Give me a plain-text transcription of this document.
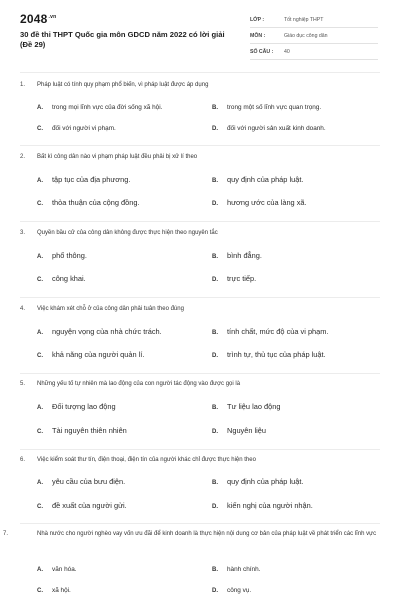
$2048^{.vn}$
30 đề thi THPT Quốc gia môn GDCD năm 2022 có lời giải (Đề 29)
LỚP :	Tốt nghiệp THPT
MÔN :	Giáo dục công dân
SỐ CÂU :	40
1. Pháp luật có tính quy phạm phổ biến, vì pháp luật được áp dụng
A. trong mọi lĩnh vực của đời sống xã hội.	B. trong một số lĩnh vực quan trọng.
C. đối với người vi phạm.	D. đối với người sản xuất kinh doanh.
2. Bất kì công dân nào vi phạm pháp luật đều phải bị xử lí theo
A. tập tục của địa phương.	B. quy định của pháp luật.
C. thỏa thuận của cộng đồng.	D. hương ước của làng xã.
3. Quyền bầu cử của công dân không được thực hiện theo nguyên tắc
A. phổ thông.	B. bình đẳng.
C. công khai.	D. trực tiếp.
4. Việc khám xét chỗ ở của công dân phải tuân theo đúng
A. nguyện vọng của nhà chức trách.	B. tính chất, mức độ của vi phạm.
C. khả năng của người quản lí.	D. trình tự, thủ tục của pháp luật.
5. Những yếu tố tự nhiên mà lao động của con người tác động vào được gọi là
A. Đối tượng lao động	B. Tư liệu lao động
C. Tài nguyên thiên nhiên	D. Nguyên liệu
6. Việc kiểm soát thư tín, điện thoại, điện tín của người khác chỉ được thực hiện theo
A. yêu cầu của bưu điện.	B. quy định của pháp luật.
C. đề xuất của người gửi.	D. kiến nghị của người nhận.
7.	Nhà nước cho người nghèo vay vốn ưu đãi để kinh doanh là thực hiện nội dung cơ bản của pháp luật về phát triển các lĩnh vực
A. văn hóa.	B. hành chính.
C. xã hội.	D. công vụ.
